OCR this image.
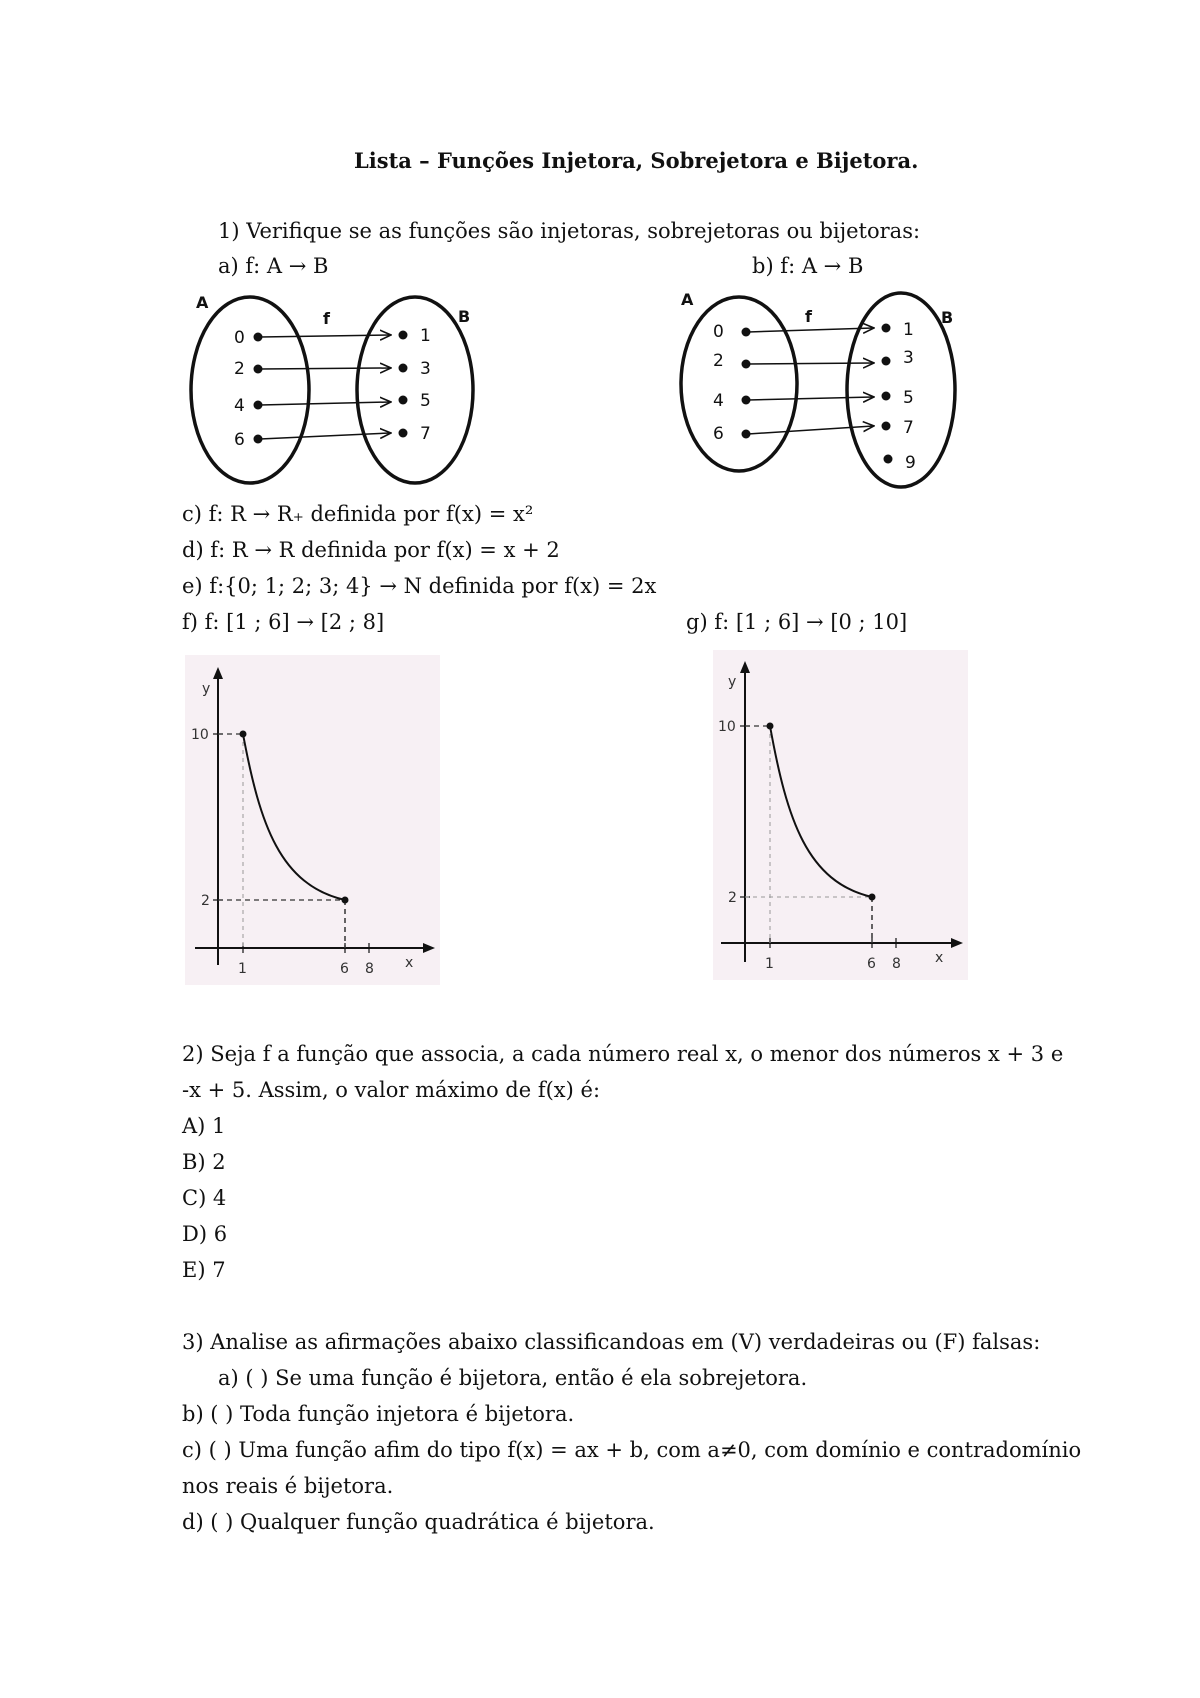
Lista – Funções Injetora, Sobrejetora e Bijetora.
1) Verifique se as funções são injetoras, sobrejetoras ou bijetoras:
a) f: A → B	b) f: A → B
A
B
f
0
2
4
6
1
3
5
7
A
B
f
0
2
4
6
1
3
5
7
9
c) f: R → R₊ definida por f(x) = x²
d) f: R → R definida por f(x) = x + 2
e) f:{0; 1; 2; 3; 4} → N definida por f(x) = 2x
f) f: [1 ; 6] → [2 ; 8]	g) f: [1 ; 6] → [0 ; 10]
y
x
10
2
1	6 8
y
x
10
2
1	6 8
2) Seja f a função que associa, a cada número real x, o menor dos números x + 3 e
-x + 5. Assim, o valor máximo de f(x) é:
A) 1
B) 2
C) 4
D) 6
E) 7
3) Analise as afirmações abaixo classificandoas em (V) verdadeiras ou (F) falsas:
a) ( ) Se uma função é bijetora, então é ela sobrejetora.
b) ( ) Toda função injetora é bijetora.
c) ( ) Uma função afim do tipo f(x) = ax + b, com a≠0, com domínio e contradomínio
nos reais é bijetora.
d) ( ) Qualquer função quadrática é bijetora.
